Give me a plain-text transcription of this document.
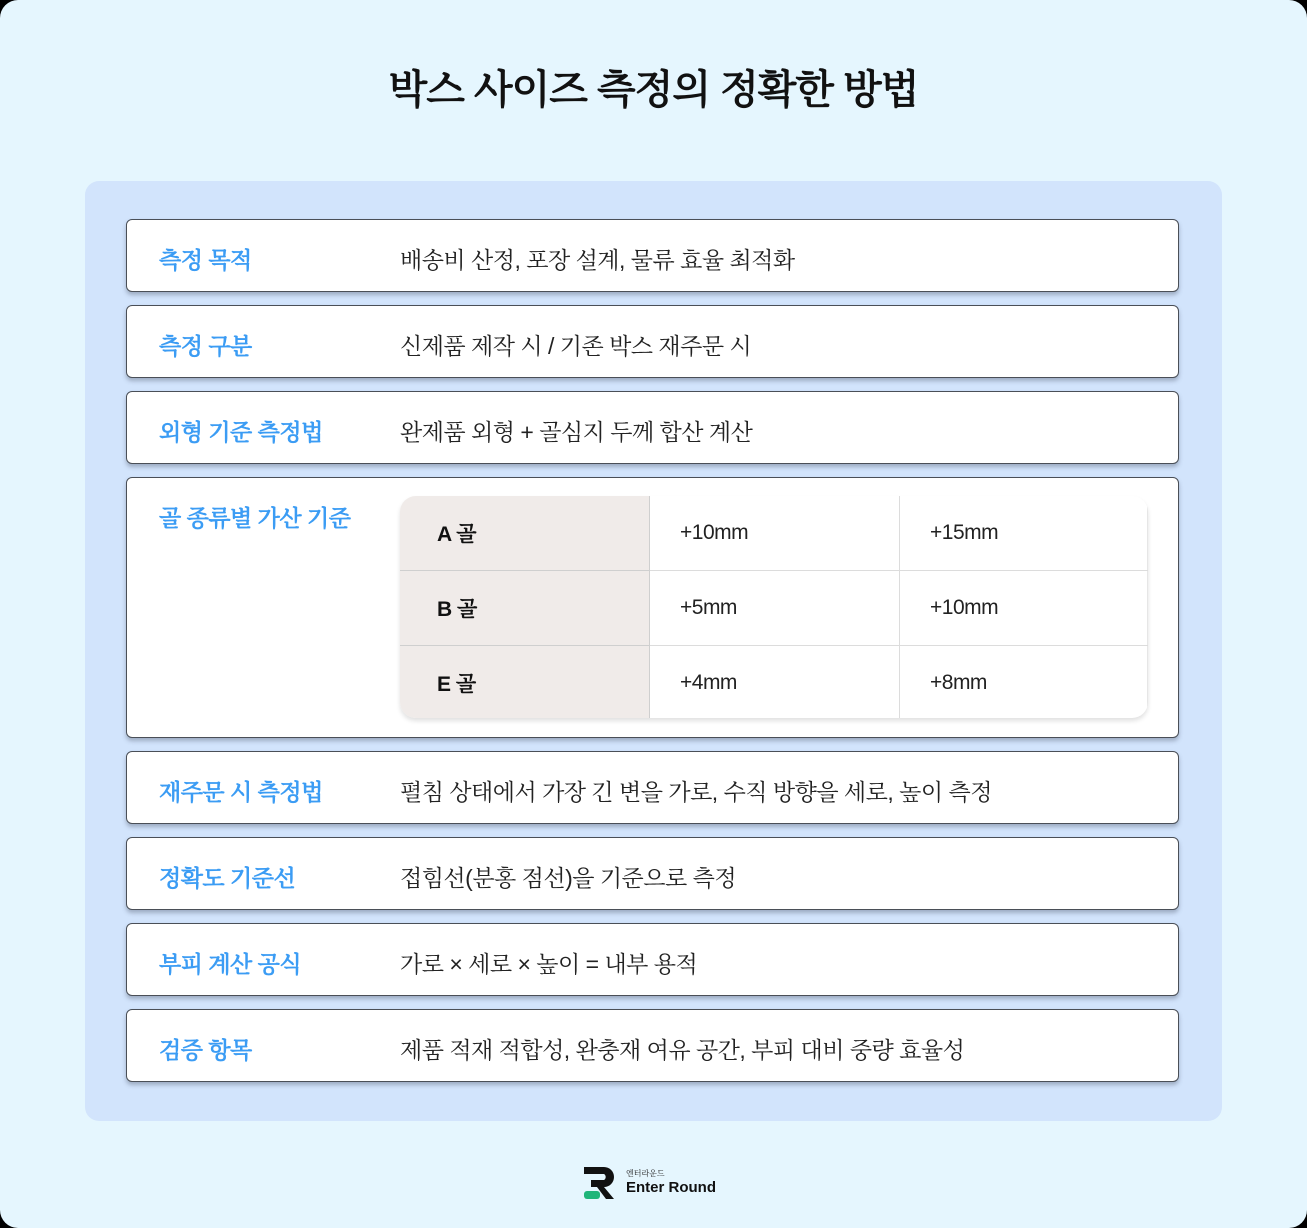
박스 사이즈 측정의 정확한 방법
측정 목적	배송비 산정, 포장 설계, 물류 효율 최적화
측정 구분	신제품 제작 시 / 기존 박스 재주문 시
외형 기준 측정법	완제품 외형 + 골심지 두께 합산 계산
골 종류별 가산 기준
A 골	+10mm	+15mm
B 골	+5mm	+10mm
E 골	+4mm	+8mm
재주문 시 측정법	펼침 상태에서 가장 긴 변을 가로, 수직 방향을 세로, 높이 측정
정확도 기준선	접힘선(분홍 점선)을 기준으로 측정
부피 계산 공식	가로 × 세로 × 높이 = 내부 용적
검증 항목	제품 적재 적합성, 완충재 여유 공간, 부피 대비 중량 효율성
엔터라운드
Enter Round
